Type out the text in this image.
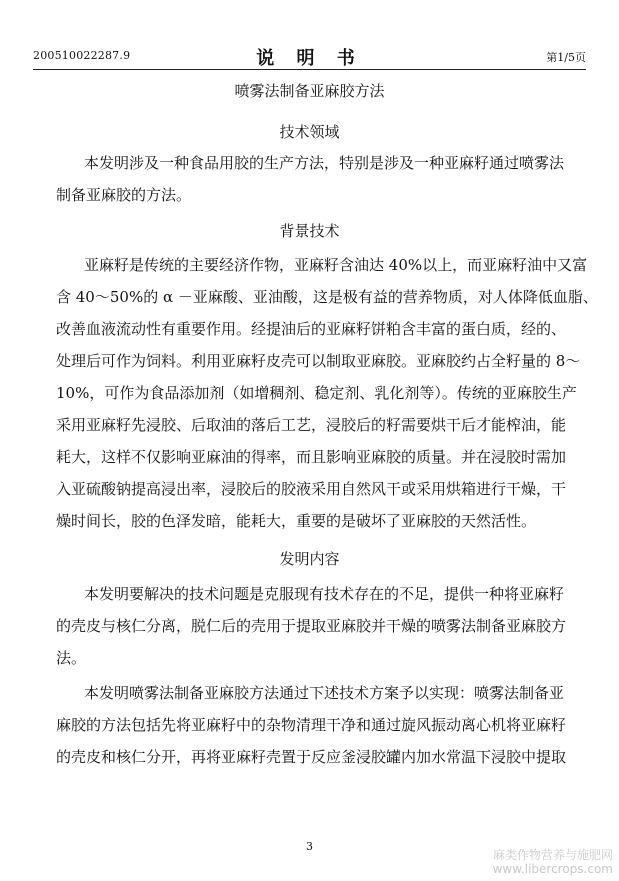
200510022287.9	说 明 书	第1/5页
喷雾法制备亚麻胶方法
技术领域
本发明涉及一种食品用胶的生产方法，特别是涉及一种亚麻籽通过喷雾法
制备亚麻胶的方法。
背景技术
亚麻籽是传统的主要经济作物，亚麻籽含油达 40%以上，而亚麻籽油中又富
含 40～50%的 α －亚麻酸、亚油酸，这是极有益的营养物质，对人体降低血脂、
改善血液流动性有重要作用。经提油后的亚麻籽饼粕含丰富的蛋白质，经的、
处理后可作为饲料。利用亚麻籽皮壳可以制取亚麻胶。亚麻胶约占全籽量的 8～
10%，可作为食品添加剂（如增稠剂、稳定剂、乳化剂等）。传统的亚麻胶生产
采用亚麻籽先浸胶、后取油的落后工艺，浸胶后的籽需要烘干后才能榨油，能
耗大，这样不仅影响亚麻油的得率，而且影响亚麻胶的质量。并在浸胶时需加
入亚硫酸钠提高浸出率，浸胶后的胶液采用自然风干或采用烘箱进行干燥，干
燥时间长，胶的色泽发暗，能耗大，重要的是破坏了亚麻胶的天然活性。
发明内容
本发明要解决的技术问题是克服现有技术存在的不足，提供一种将亚麻籽
的壳皮与核仁分离，脱仁后的壳用于提取亚麻胶并干燥的喷雾法制备亚麻胶方
法。
本发明喷雾法制备亚麻胶方法通过下述技术方案予以实现：喷雾法制备亚
麻胶的方法包括先将亚麻籽中的杂物清理干净和通过旋风振动离心机将亚麻籽
的壳皮和核仁分开，再将亚麻籽壳置于反应釜浸胶罐内加水常温下浸胶中提取
3
麻类作物营养与施肥网
www.libercrops.com
